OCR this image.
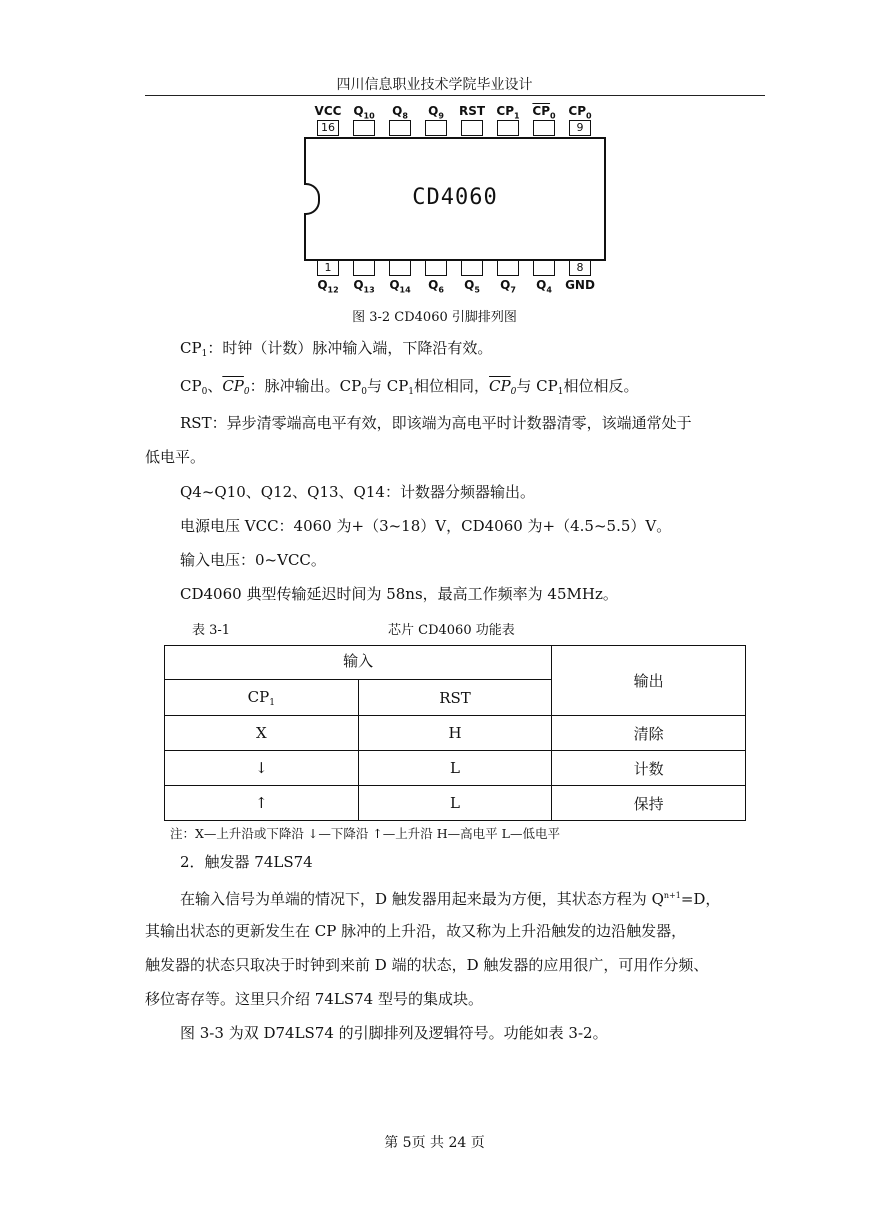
四川信息职业技术学院毕业设计
VCC $Q_{10}$	$Q_8$	$Q_9$	RST $CP_1$	$\overline{CP}_0$	$CP_0$
16	9
CD4060
1	8
$Q_{12}$	$Q_{13}$	$Q_{14}$	$Q_6$	$Q_5$	$Q_7$	$Q_4$	GND
图 3-2 CD4060 引脚排列图
$CP_1$：时钟（计数）脉冲输入端，下降沿有效。
$CP_0$、$\overline{CP}_0$：脉冲输出。$CP_0$与 $CP_1$相位相同，$\overline{CP}_0$与 $CP_1$相位相反。
RST：异步清零端高电平有效，即该端为高电平时计数器清零，该端通常处于
低电平。
Q4~Q10、Q12、Q13、Q14：计数器分频器输出。
电源电压 VCC：4060 为+（3~18）V，CD4060 为+（4.5~5.5）V。
输入电压：0~VCC。
CD4060 典型传输延迟时间为 58ns，最高工作频率为 45MHz。
表 3-1	芯片 CD4060 功能表
输入		输出
$CP_1$	RST	
X	H	清除
↓	L	计数
↑	L	保持
注：X—上升沿或下降沿 ↓—下降沿 ↑—上升沿 H—高电平 L—低电平
2．触发器 74LS74
在输入信号为单端的情况下，D 触发器用起来最为方便，其状态方程为 $Q^{n+1}=D$，
其输出状态的更新发生在 CP 脉冲的上升沿，故又称为上升沿触发的边沿触发器，
触发器的状态只取决于时钟到来前 D 端的状态，D 触发器的应用很广，可用作分频、
移位寄存等。这里只介绍 74LS74 型号的集成块。
图 3-3 为双 D74LS74 的引脚排列及逻辑符号。功能如表 3-2。
第 5页 共 24 页
